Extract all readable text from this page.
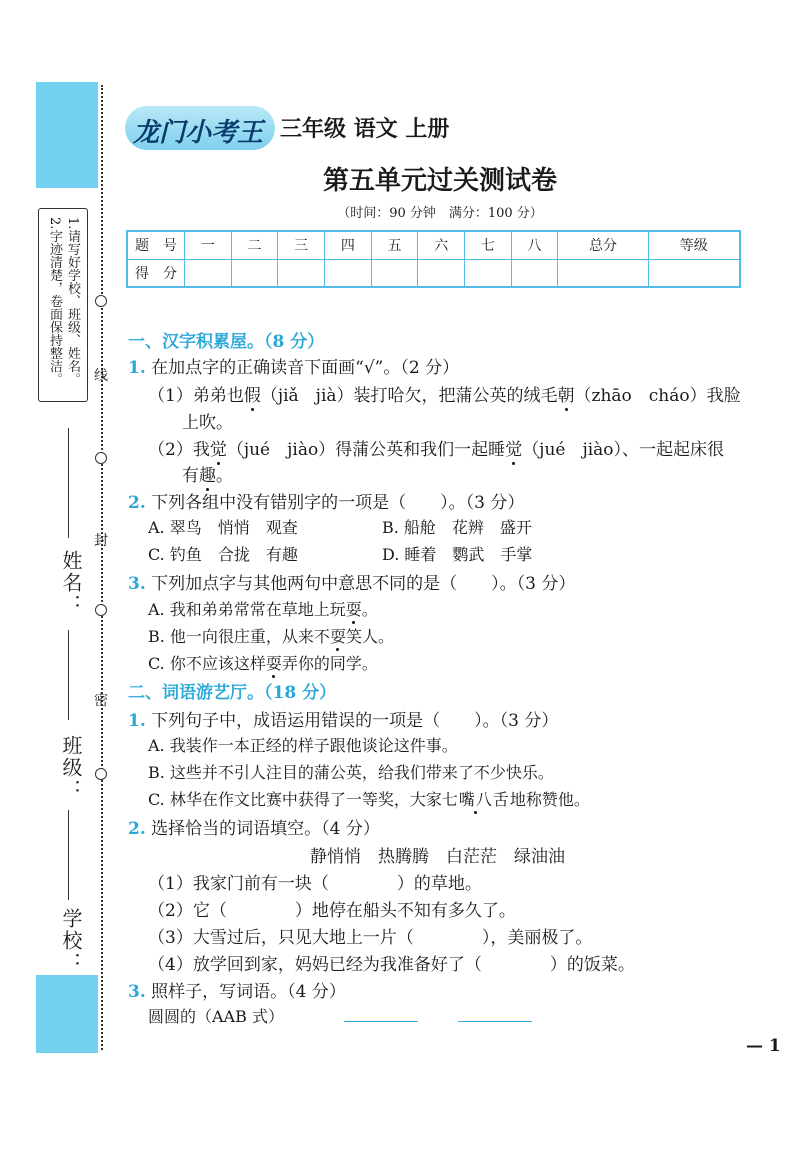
1.请写好学校、班级、姓名。
2.字迹清楚，卷面保持整洁。 线
封
密
姓名：
班级：
学校：
龙门小考王 三年级 语文 上册
第五单元过关测试卷
（时间：90 分钟　满分：100 分）
题　号	一	二	三	四	五	六	七	八	总分	等级
得　分										
一、汉字积累屋。（8 分）
1. 在加点字的正确读音下面画“√”。（2 分）
（1）弟弟也假（jiǎ　jià）装打哈欠，把蒲公英的绒毛朝（zhāo　cháo）我脸
上吹。
（2）我觉（jué　jiào）得蒲公英和我们一起睡觉（jué　jiào）、一起起床很
有趣。
2. 下列各组中没有错别字的一项是（　　）。（3 分）
A. 翠鸟　悄悄　观查	B. 船舱　花辨　盛开
C. 钓鱼　合拢　有趣	D. 睡着　鹦武　手掌
3. 下列加点字与其他两句中意思不同的是（　　）。（3 分）
A. 我和弟弟常常在草地上玩耍。
B. 他一向很庄重，从来不耍笑人。
C. 你不应该这样耍弄你的同学。
二、词语游艺厅。（18 分）
1. 下列句子中，成语运用错误的一项是（　　）。（3 分）
A. 我装作一本正经的样子跟他谈论这件事。
B. 这些并不引人注目的蒲公英，给我们带来了不少快乐。
C. 林华在作文比赛中获得了一等奖，大家七嘴八舌地称赞他。
2. 选择恰当的词语填空。（4 分）
静悄悄　热腾腾　白茫茫　绿油油
（1）我家门前有一块（　　　　）的草地。
（2）它（　　　　）地停在船头不知有多久了。
（3）大雪过后，只见大地上一片（　　　　），美丽极了。
（4）放学回到家，妈妈已经为我准备好了（　　　　）的饭菜。
3. 照样子，写词语。（4 分）
圆圆的（AAB 式）
— 1
